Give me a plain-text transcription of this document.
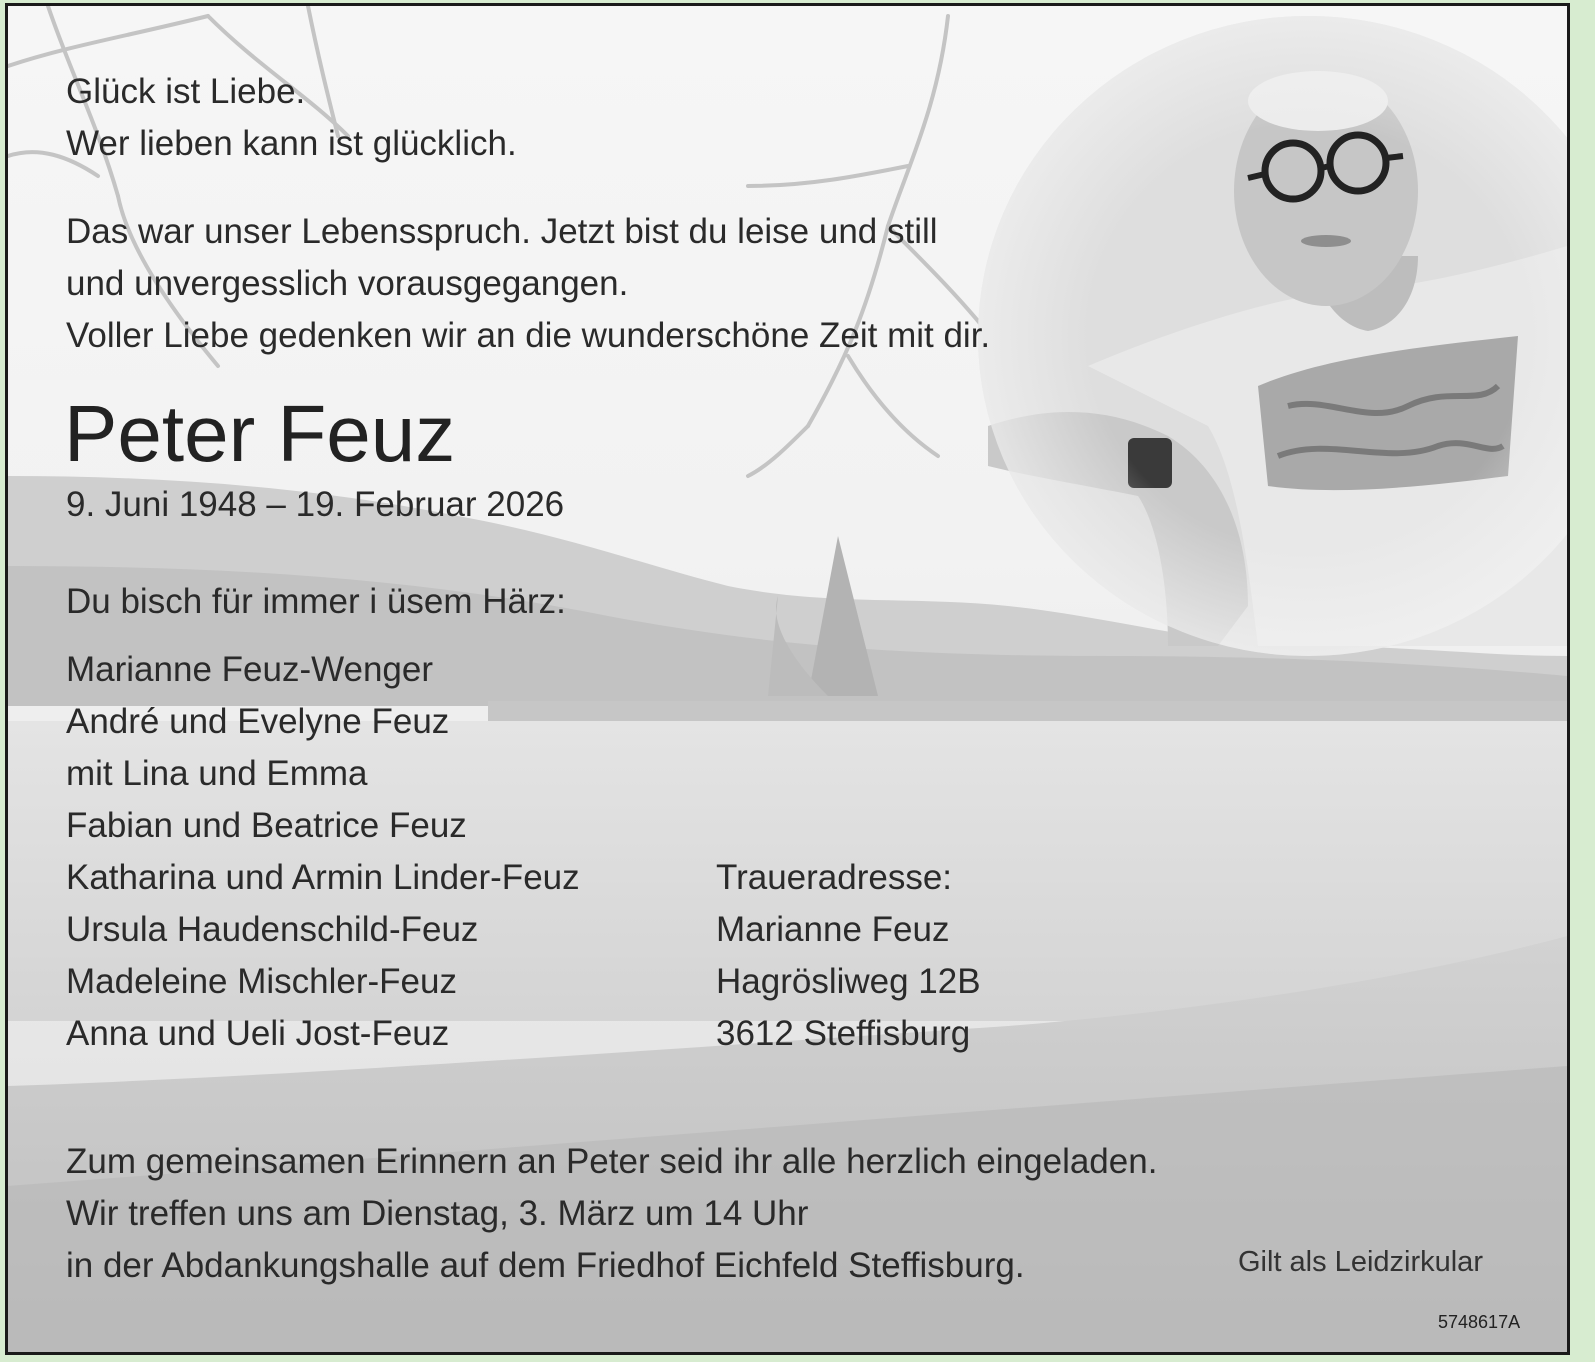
Glück ist Liebe.
Wer lieben kann ist glücklich.

Das war unser Lebensspruch. Jetzt bist du leise und still
und unvergesslich vorausgegangen.
Voller Liebe gedenken wir an die wunderschöne Zeit mit dir.

Peter Feuz

9. Juni 1948 – 19. Februar 2026

Du bisch für immer i üsem Härz:

Marianne Feuz-Wenger
André und Evelyne Feuz
mit Lina und Emma
Fabian und Beatrice Feuz
Katharina und Armin Linder-Feuz
Ursula Haudenschild-Feuz
Madeleine Mischler-Feuz
Anna und Ueli Jost-Feuz
Traueradresse:
Marianne Feuz
Hagrösliweg 12B
3612 Steffisburg

Zum gemeinsamen Erinnern an Peter seid ihr alle herzlich eingeladen.
Wir treffen uns am Dienstag, 3. März um 14 Uhr
in der Abdankungshalle auf dem Friedhof Eichfeld Steffisburg.	Gilt als Leidzirkular
5748617A
